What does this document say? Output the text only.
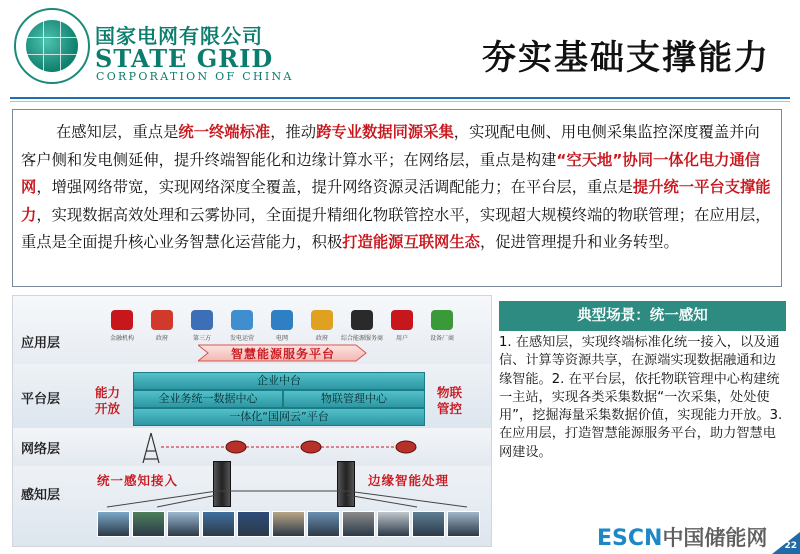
国家电网有限公司
STATE GRID
CORPORATION OF CHINA	夯实基础支撑能力
在感知层，重点是统一终端标准，推动跨专业数据同源采集，实现配电侧、用电侧采集监控深度覆盖并向客户侧和发电侧延伸，提升终端智能化和边缘计算水平；在网络层，重点是构建“空天地”协同一体化电力通信网，增强网络带宽，实现网络深度全覆盖，提升网络资源灵活调配能力；在平台层，重点是提升统一平台支撑能力，实现数据高效处理和云雾协同，全面提升精细化物联管控水平，实现超大规模终端的物联管理；在应用层，重点是全面提升核心业务智慧化运营能力，积极打造能源互联网生态，促进管理提升和业务转型。
应用层
平台层
网络层
感知层
金融机构	政府	第三方	发电运营	电网	政府	综合能源服务商	用户	设备厂商
智慧能源服务平台
企业中台
全业务统一数据中心	物联管理中心
一体化“国网云”平台
能力
开放
物联
管控
统一感知接入	边缘智能处理
典型场景：统一感知
1. 在感知层，实现终端标准化统一接入，以及通信、计算等资源共享，在源端实现数据融通和边缘智能。2. 在平台层，依托物联管理中心构建统一主站，实现各类采集数据“一次采集，处处使用”，挖掘海量采集数据价值，实现能力开放。3. 在应用层，打造智慧能源服务平台，助力智慧电网建设。
ESCN中国储能网 22
